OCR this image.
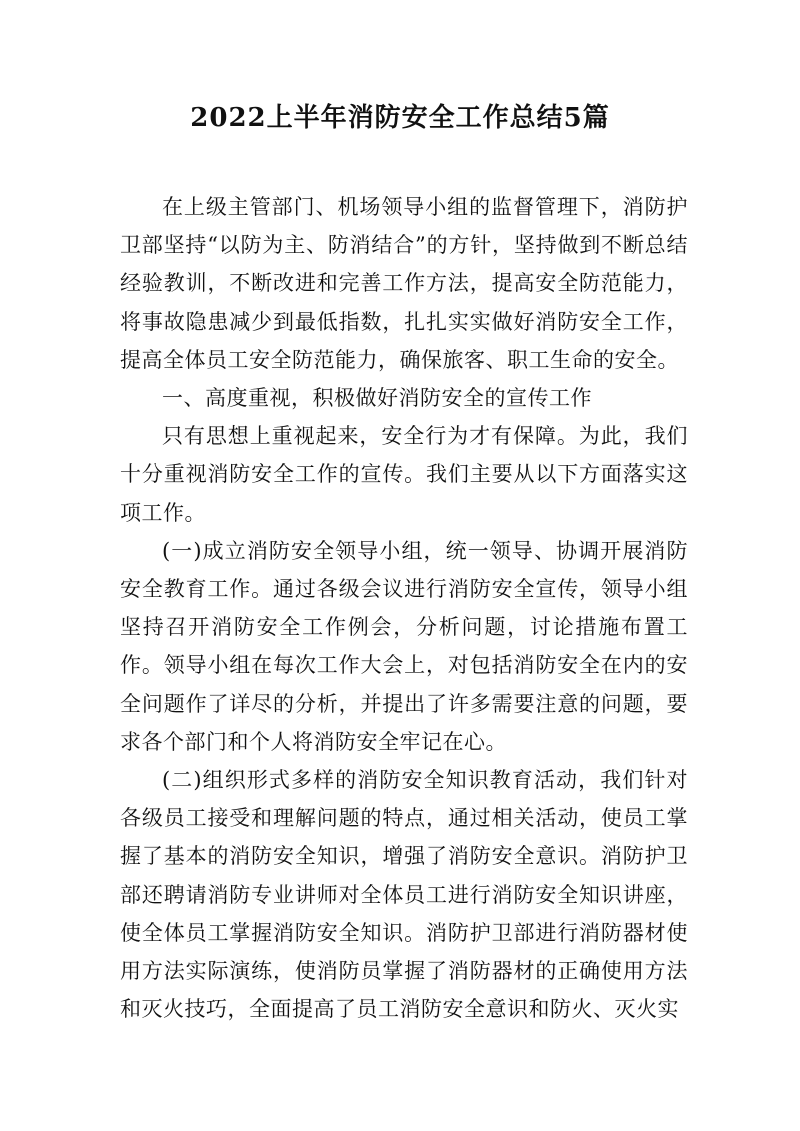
2022上半年消防安全工作总结5篇

在上级主管部门、机场领导小组的监督管理下，消防护卫部坚持“以防为主、防消结合”的方针，坚持做到不断总结经验教训，不断改进和完善工作方法，提高安全防范能力，将事故隐患减少到最低指数，扎扎实实做好消防安全工作，提高全体员工安全防范能力，确保旅客、职工生命的安全。

一、高度重视，积极做好消防安全的宣传工作

只有思想上重视起来，安全行为才有保障。为此，我们十分重视消防安全工作的宣传。我们主要从以下方面落实这项工作。

(一)成立消防安全领导小组，统一领导、协调开展消防安全教育工作。通过各级会议进行消防安全宣传，领导小组坚持召开消防安全工作例会，分析问题，讨论措施布置工作。领导小组在每次工作大会上，对包括消防安全在内的安全问题作了详尽的分析，并提出了许多需要注意的问题，要求各个部门和个人将消防安全牢记在心。

(二)组织形式多样的消防安全知识教育活动，我们针对各级员工接受和理解问题的特点，通过相关活动，使员工掌握了基本的消防安全知识，增强了消防安全意识。消防护卫部还聘请消防专业讲师对全体员工进行消防安全知识讲座，使全体员工掌握消防安全知识。消防护卫部进行消防器材使用方法实际演练，使消防员掌握了消防器材的正确使用方法和灭火技巧，全面提高了员工消防安全意识和防火、灭火实
